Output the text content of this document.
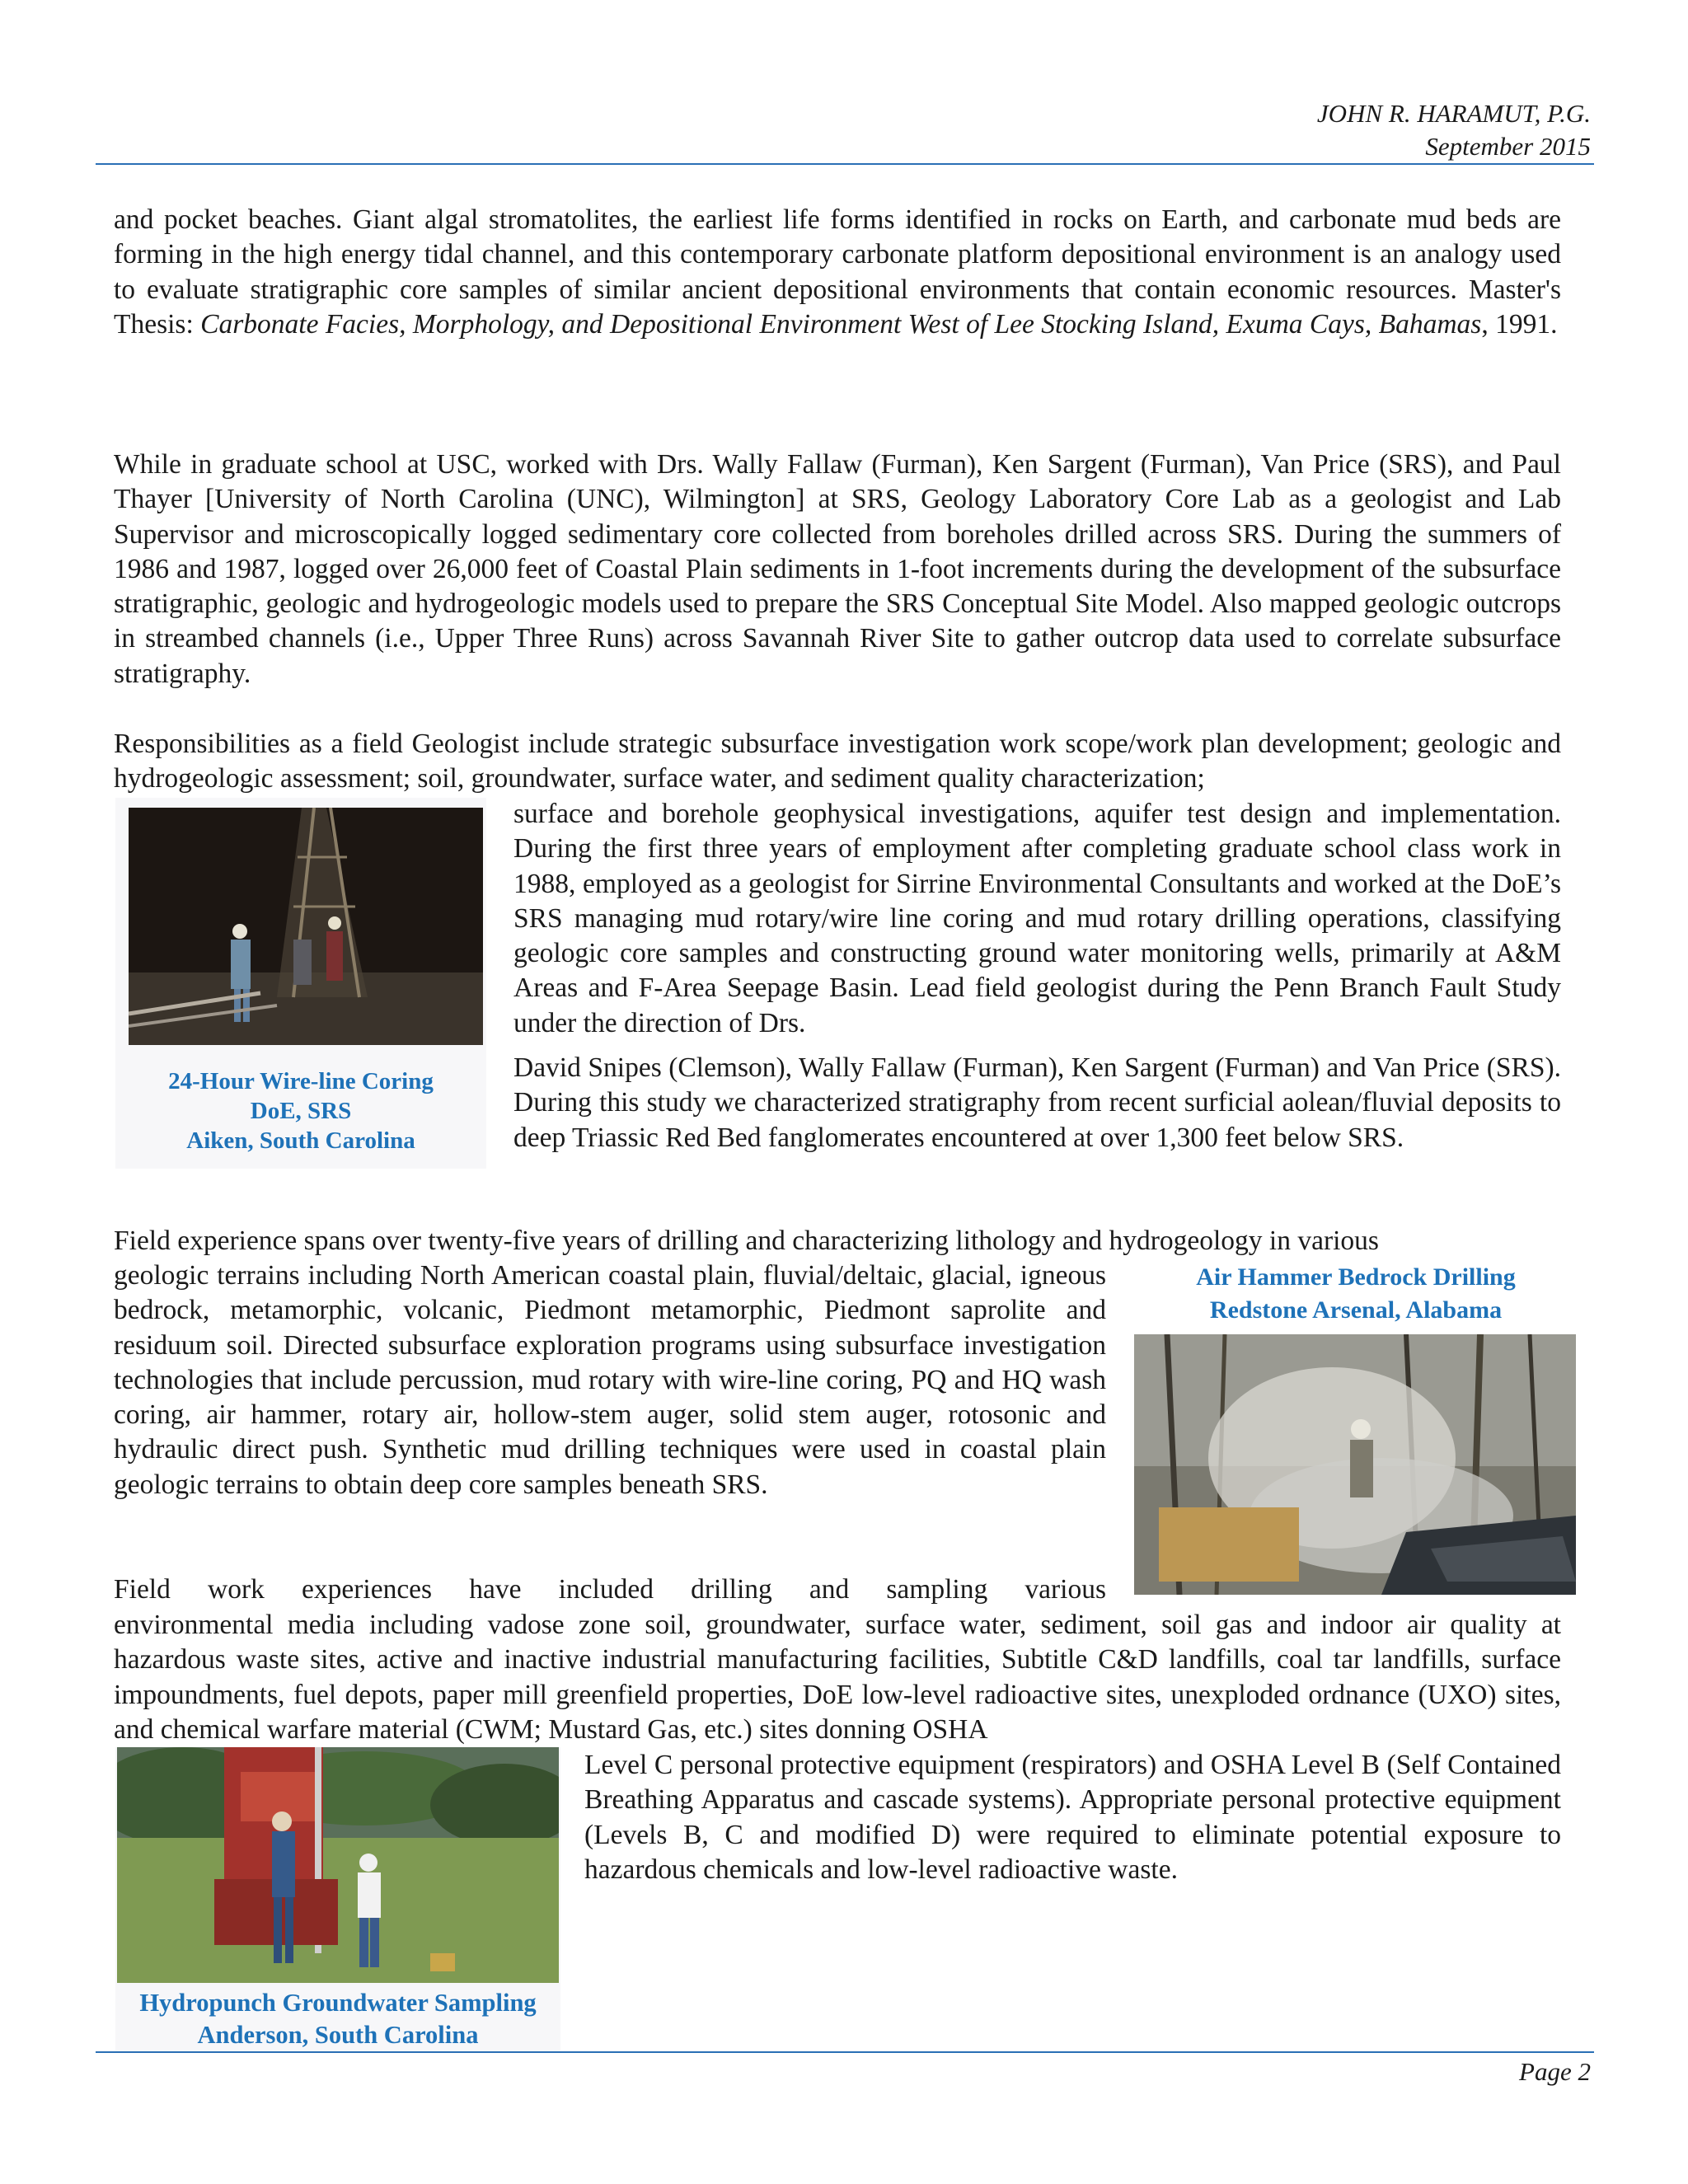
JOHN R. HARAMUT, P.G.
September 2015

and pocket beaches. Giant algal stromatolites, the earliest life forms identified in rocks on Earth, and carbonate mud beds are forming in the high energy tidal channel, and this contemporary carbonate platform depositional environment is an analogy used to evaluate stratigraphic core samples of similar ancient depositional environments that contain economic resources. Master's Thesis: Carbonate Facies, Morphology, and Depositional Environment West of Lee Stocking Island, Exuma Cays, Bahamas, 1991.

While in graduate school at USC, worked with Drs. Wally Fallaw (Furman), Ken Sargent (Furman), Van Price (SRS), and Paul Thayer [University of North Carolina (UNC), Wilmington] at SRS, Geology Laboratory Core Lab as a geologist and Lab Supervisor and microscopically logged sedimentary core collected from boreholes drilled across SRS. During the summers of 1986 and 1987, logged over 26,000 feet of Coastal Plain sediments in 1-foot increments during the development of the subsurface stratigraphic, geologic and hydrogeologic models used to prepare the SRS Conceptual Site Model. Also mapped geologic outcrops in streambed channels (i.e., Upper Three Runs) across Savannah River Site to gather outcrop data used to correlate subsurface stratigraphy.

Responsibilities as a field Geologist include strategic subsurface investigation work scope/work plan development; geologic and hydrogeologic assessment; soil, groundwater, surface water, and sediment quality characterization;

24-Hour Wire-line Coring
DoE, SRS
Aiken, South Carolina

surface and borehole geophysical investigations, aquifer test design and implementation. During the first three years of employment after completing graduate school class work in 1988, employed as a geologist for Sirrine Environmental Consultants and worked at the DoE’s SRS managing mud rotary/wire line coring and mud rotary drilling operations, classifying geologic core samples and constructing ground water monitoring wells, primarily at A&M Areas and F-Area Seepage Basin. Lead field geologist during the Penn Branch Fault Study under the direction of Drs.

David Snipes (Clemson), Wally Fallaw (Furman), Ken Sargent (Furman) and Van Price (SRS). During this study we characterized stratigraphy from recent surficial aolean/fluvial deposits to deep Triassic Red Bed fanglomerates encountered at over 1,300 feet below SRS.

Field experience spans over twenty-five years of drilling and characterizing lithology and hydrogeology in various

geologic terrains including North American coastal plain, fluvial/deltaic, glacial, igneous bedrock, metamorphic, volcanic, Piedmont metamorphic, Piedmont saprolite and residuum soil. Directed subsurface exploration programs using subsurface investigation technologies that include percussion, mud rotary with wire-line coring, PQ and HQ wash coring, air hammer, rotary air, hollow-stem auger, solid stem auger, rotosonic and hydraulic direct push. Synthetic mud drilling techniques were used in coastal plain geologic terrains to obtain deep core samples beneath SRS.

Air Hammer Bedrock Drilling
Redstone Arsenal, Alabama

Field work experiences have included drilling and sampling various

environmental media including vadose zone soil, groundwater, surface water, sediment, soil gas and indoor air quality at hazardous waste sites, active and inactive industrial manufacturing facilities, Subtitle C&D landfills, coal tar landfills, surface impoundments, fuel depots, paper mill greenfield properties, DoE low-level radioactive sites, unexploded ordnance (UXO) sites, and chemical warfare material (CWM; Mustard Gas, etc.) sites donning OSHA

Hydropunch Groundwater Sampling
Anderson, South Carolina

Level C personal protective equipment (respirators) and OSHA Level B (Self Contained Breathing Apparatus and cascade systems). Appropriate personal protective equipment (Levels B, C and modified D) were required to eliminate potential exposure to hazardous chemicals and low-level radioactive waste.

Page 2
